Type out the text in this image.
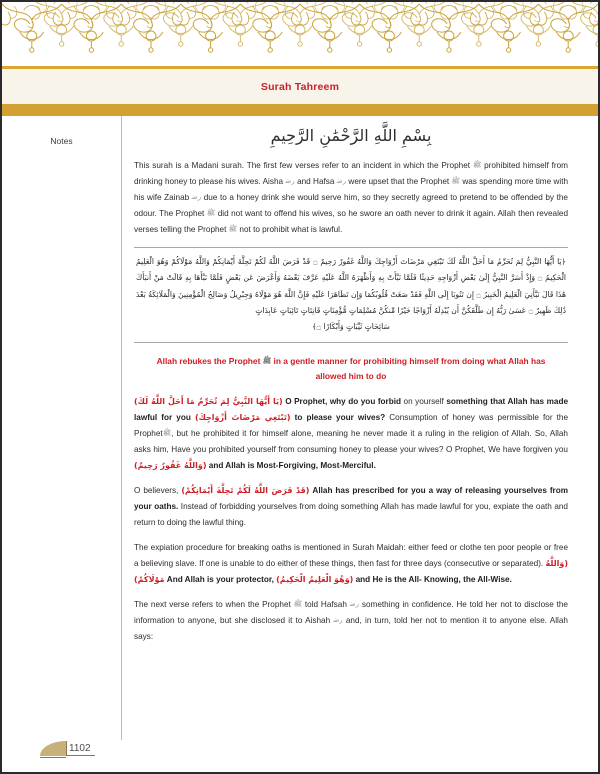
Surah Tahreem
Notes	بِسْمِ اللَّهِ الرَّحْمَٰنِ الرَّحِيمِ

This surah is a Madani surah. The first few verses refer to an incident in which the Prophet ﷺ prohibited himself from drinking honey to please his wives. Aisha ﺭﺿ and Hafsa ﺭﺿ were upset that the Prophet ﷺ was spending more time with his wife Zainab ﺭﺿ due to a honey drink she would serve him, so they secretly agreed to pretend to be offended by the odour. The Prophet ﷺ did not want to offend his wives, so he swore an oath never to drink it again. Allah then revealed verses telling the Prophet ﷺ not to prohibit what is lawful.

﴿يَا أَيُّهَا النَّبِيُّ لِمَ تُحَرِّمُ مَا أَحَلَّ اللَّهُ لَكَ تَبْتَغِي مَرْضَاتَ أَزْوَاجِكَ وَاللَّهُ غَفُورٌ رَحِيمٌ ۝ قَدْ فَرَضَ اللَّهُ لَكُمْ تَحِلَّةَ أَيْمَانِكُمْ وَاللَّهُ مَوْلَاكُمْ وَهُوَ الْعَلِيمُ الْحَكِيمُ ۝ وَإِذْ أَسَرَّ النَّبِيُّ إِلَىٰ بَعْضِ أَزْوَاجِهِ حَدِيثًا فَلَمَّا نَبَّأَتْ بِهِ وَأَظْهَرَهُ اللَّهُ عَلَيْهِ عَرَّفَ بَعْضَهُ وَأَعْرَضَ عَن بَعْضٍ فَلَمَّا نَبَّأَهَا بِهِ قَالَتْ مَنْ أَنبَأَكَ هَٰذَا قَالَ نَبَّأَنِيَ الْعَلِيمُ الْخَبِيرُ ۝ إِن تَتُوبَا إِلَى اللَّهِ فَقَدْ صَغَتْ قُلُوبُكُمَا وَإِن تَظَاهَرَا عَلَيْهِ فَإِنَّ اللَّهَ هُوَ مَوْلَاهُ وَجِبْرِيلُ وَصَالِحُ الْمُؤْمِنِينَ وَالْمَلَائِكَةُ بَعْدَ ذَٰلِكَ ظَهِيرٌ ۝ عَسَىٰ رَبُّهُ إِن طَلَّقَكُنَّ أَن يُبْدِلَهُ أَزْوَاجًا خَيْرًا مِّنكُنَّ مُسْلِمَاتٍ مُّؤْمِنَاتٍ قَانِتَاتٍ تَائِبَاتٍ عَابِدَاتٍ
سَائِحَاتٍ ثَيِّبَاتٍ وَأَبْكَارًا ۝﴾
Allah rebukes the Prophet ﷺ in a gentle manner for prohibiting himself from doing what Allah has allowed him to do

(يَا أَيُّهَا النَّبِيُّ لِمَ تُحَرِّمُ مَا أَحَلَّ اللَّهُ لَكَ) O Prophet, why do you forbid on yourself something that Allah has made lawful for you (تَبْتَغِي مَرْضَاتَ أَزْوَاجِكَ) to please your wives? Consumption of honey was permissible for the Prophetﷺ, but he prohibited it for himself alone, meaning he never made it a ruling in the religion of Allah. So, Allah asks him, Have you prohibited yourself from consuming honey to please your wives? O Prophet, We have forgiven you (وَاللَّهُ غَفُورٌ رَحِيمٌ) and Allah is Most-Forgiving, Most-Merciful.

O believers, (قَدْ فَرَضَ اللَّهُ لَكُمْ تَحِلَّةَ أَيْمَانِكُمْ) Allah has prescribed for you a way of releasing yourselves from your oaths. Instead of forbidding yourselves from doing something Allah has made lawful for you, expiate the oath and return to doing the lawful thing.

The expiation procedure for breaking oaths is mentioned in Surah Maidah: either feed or clothe ten poor people or free a believing slave. If one is unable to do either of these things, then fast for three days (consecutive or separated). (وَاللَّهُ مَوْلَاكُمْ) And Allah is your protector, (وَهُوَ الْعَلِيمُ الْحَكِيمُ) and He is the All- Knowing, the All-Wise.

The next verse refers to when the Prophet ﷺ told Hafsah ﺭﺿ something in confidence. He told her not to disclose the information to anyone, but she disclosed it to Aishah ﺭﺿ and, in turn, told her not to mention it to anyone else. Allah says:

1102
